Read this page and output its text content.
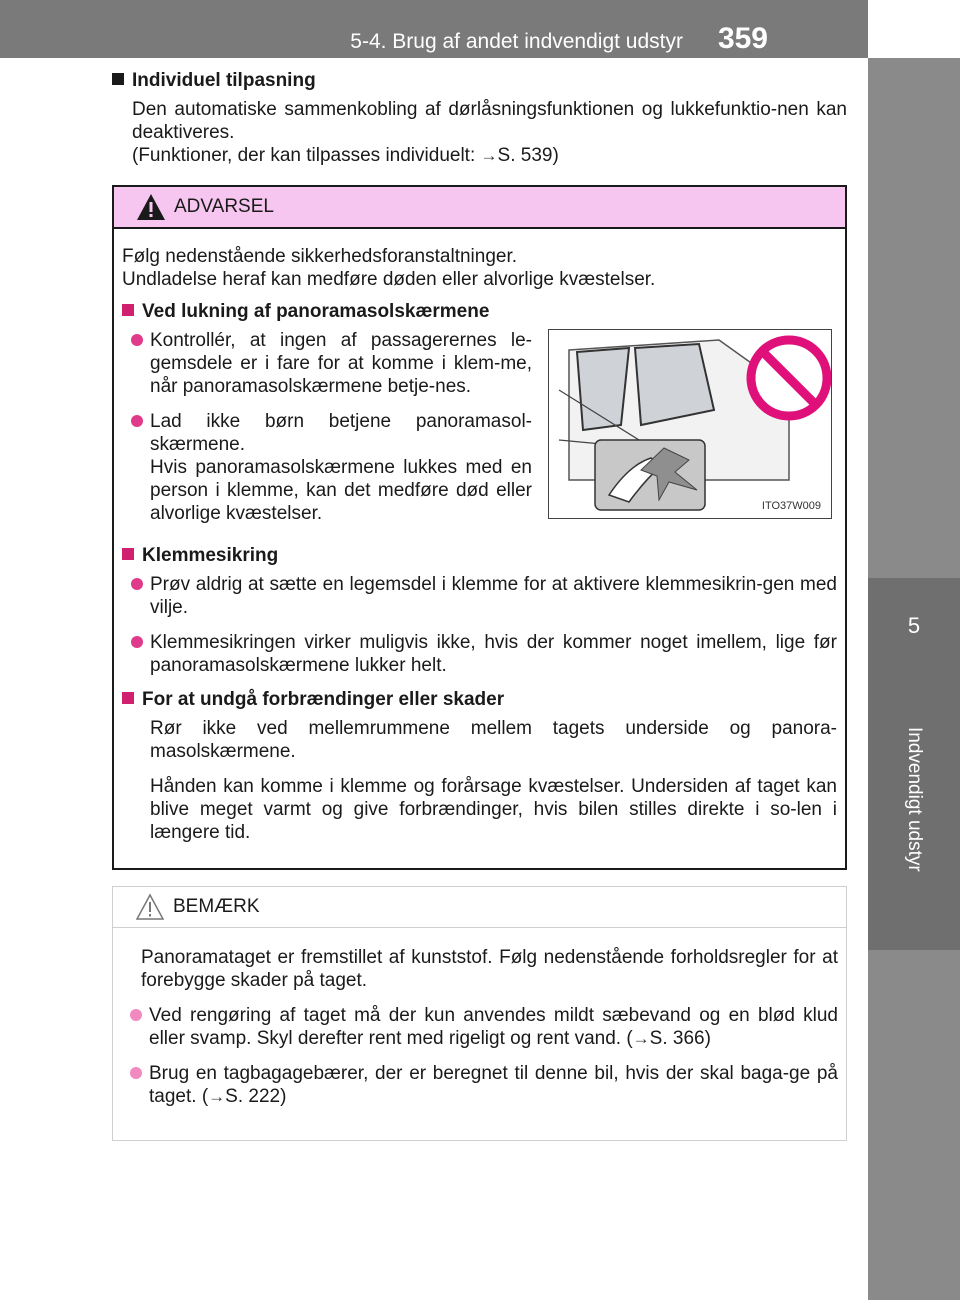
5-4. Brug af andet indvendigt udstyr 359
5
Indvendigt udstyr
Individuel tilpasning

Den automatiske sammenkobling af dørlåsningsfunktionen og lukkefunktio-nen kan deaktiveres.

(Funktioner, der kan tilpasses individuelt: →S. 539)

ADVARSEL

Følg nedenstående sikkerhedsforanstaltninger.
Undladelse heraf kan medføre døden eller alvorlige kvæstelser.

Ved lukning af panoramasolskærmene

Kontrollér, at ingen af passagerernes le-gemsdele er i fare for at komme i klem-me, når panoramasolskærmene betje-nes.

Lad ikke børn betjene panoramasol-skærmene.
Hvis panoramasolskærmene lukkes med en person i klemme, kan det medføre død eller alvorlige kvæstelser.	ITO37W009
Klemmesikring

Prøv aldrig at sætte en legemsdel i klemme for at aktivere klemmesikrin-gen med vilje.

Klemmesikringen virker muligvis ikke, hvis der kommer noget imellem, lige før panoramasolskærmene lukker helt.

For at undgå forbrændinger eller skader

Rør ikke ved mellemrummene mellem tagets underside og panora-masolskærmene.

Hånden kan komme i klemme og forårsage kvæstelser. Undersiden af taget kan blive meget varmt og give forbrændinger, hvis bilen stilles direkte i so-len i længere tid.

BEMÆRK

Panoramataget er fremstillet af kunststof. Følg nedenstående forholdsregler for at forebygge skader på taget.

Ved rengøring af taget må der kun anvendes mildt sæbevand og en blød klud eller svamp. Skyl derefter rent med rigeligt og rent vand. (→S. 366)

Brug en tagbagagebærer, der er beregnet til denne bil, hvis der skal baga-ge på taget. (→S. 222)
